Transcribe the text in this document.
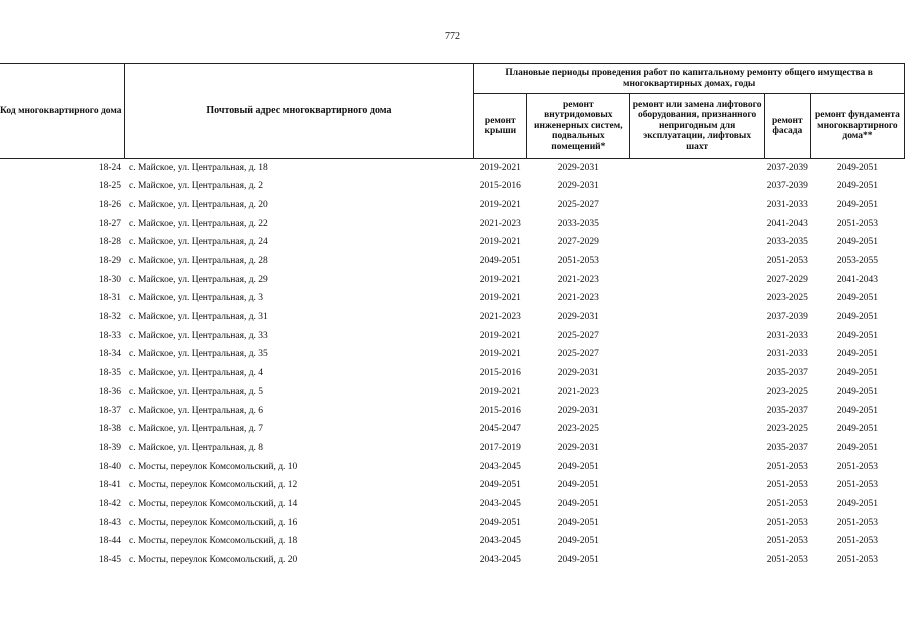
772
Код многоквартирного дома	Почтовый адрес многоквартирного дома	Плановые периоды проведения работ по капитальному ремонту общего имущества в многоквартирных домах, годы				
		ремонт крыши	ремонт внутридомовых инженерных систем, подвальных помещений*	ремонт или замена лифтового оборудования, признанного непригодным для эксплуатации, лифтовых шахт	ремонт фасада	ремонт фундамента многоквартирного дома**
18-24	с. Майское, ул. Центральная, д. 18	2019-2021	2029-2031		2037-2039	2049-2051
18-25	с. Майское, ул. Центральная, д. 2	2015-2016	2029-2031		2037-2039	2049-2051
18-26	с. Майское, ул. Центральная, д. 20	2019-2021	2025-2027		2031-2033	2049-2051
18-27	с. Майское, ул. Центральная, д. 22	2021-2023	2033-2035		2041-2043	2051-2053
18-28	с. Майское, ул. Центральная, д. 24	2019-2021	2027-2029		2033-2035	2049-2051
18-29	с. Майское, ул. Центральная, д. 28	2049-2051	2051-2053		2051-2053	2053-2055
18-30	с. Майское, ул. Центральная, д. 29	2019-2021	2021-2023		2027-2029	2041-2043
18-31	с. Майское, ул. Центральная, д. 3	2019-2021	2021-2023		2023-2025	2049-2051
18-32	с. Майское, ул. Центральная, д. 31	2021-2023	2029-2031		2037-2039	2049-2051
18-33	с. Майское, ул. Центральная, д. 33	2019-2021	2025-2027		2031-2033	2049-2051
18-34	с. Майское, ул. Центральная, д. 35	2019-2021	2025-2027		2031-2033	2049-2051
18-35	с. Майское, ул. Центральная, д. 4	2015-2016	2029-2031		2035-2037	2049-2051
18-36	с. Майское, ул. Центральная, д. 5	2019-2021	2021-2023		2023-2025	2049-2051
18-37	с. Майское, ул. Центральная, д. 6	2015-2016	2029-2031		2035-2037	2049-2051
18-38	с. Майское, ул. Центральная, д. 7	2045-2047	2023-2025		2023-2025	2049-2051
18-39	с. Майское, ул. Центральная, д. 8	2017-2019	2029-2031		2035-2037	2049-2051
18-40	с. Мосты, переулок Комсомольский, д. 10	2043-2045	2049-2051		2051-2053	2051-2053
18-41	с. Мосты, переулок Комсомольский, д. 12	2049-2051	2049-2051		2051-2053	2051-2053
18-42	с. Мосты, переулок Комсомольский, д. 14	2043-2045	2049-2051		2051-2053	2049-2051
18-43	с. Мосты, переулок Комсомольский, д. 16	2049-2051	2049-2051		2051-2053	2051-2053
18-44	с. Мосты, переулок Комсомольский, д. 18	2043-2045	2049-2051		2051-2053	2051-2053
18-45	с. Мосты, переулок Комсомольский, д. 20	2043-2045	2049-2051		2051-2053	2051-2053
